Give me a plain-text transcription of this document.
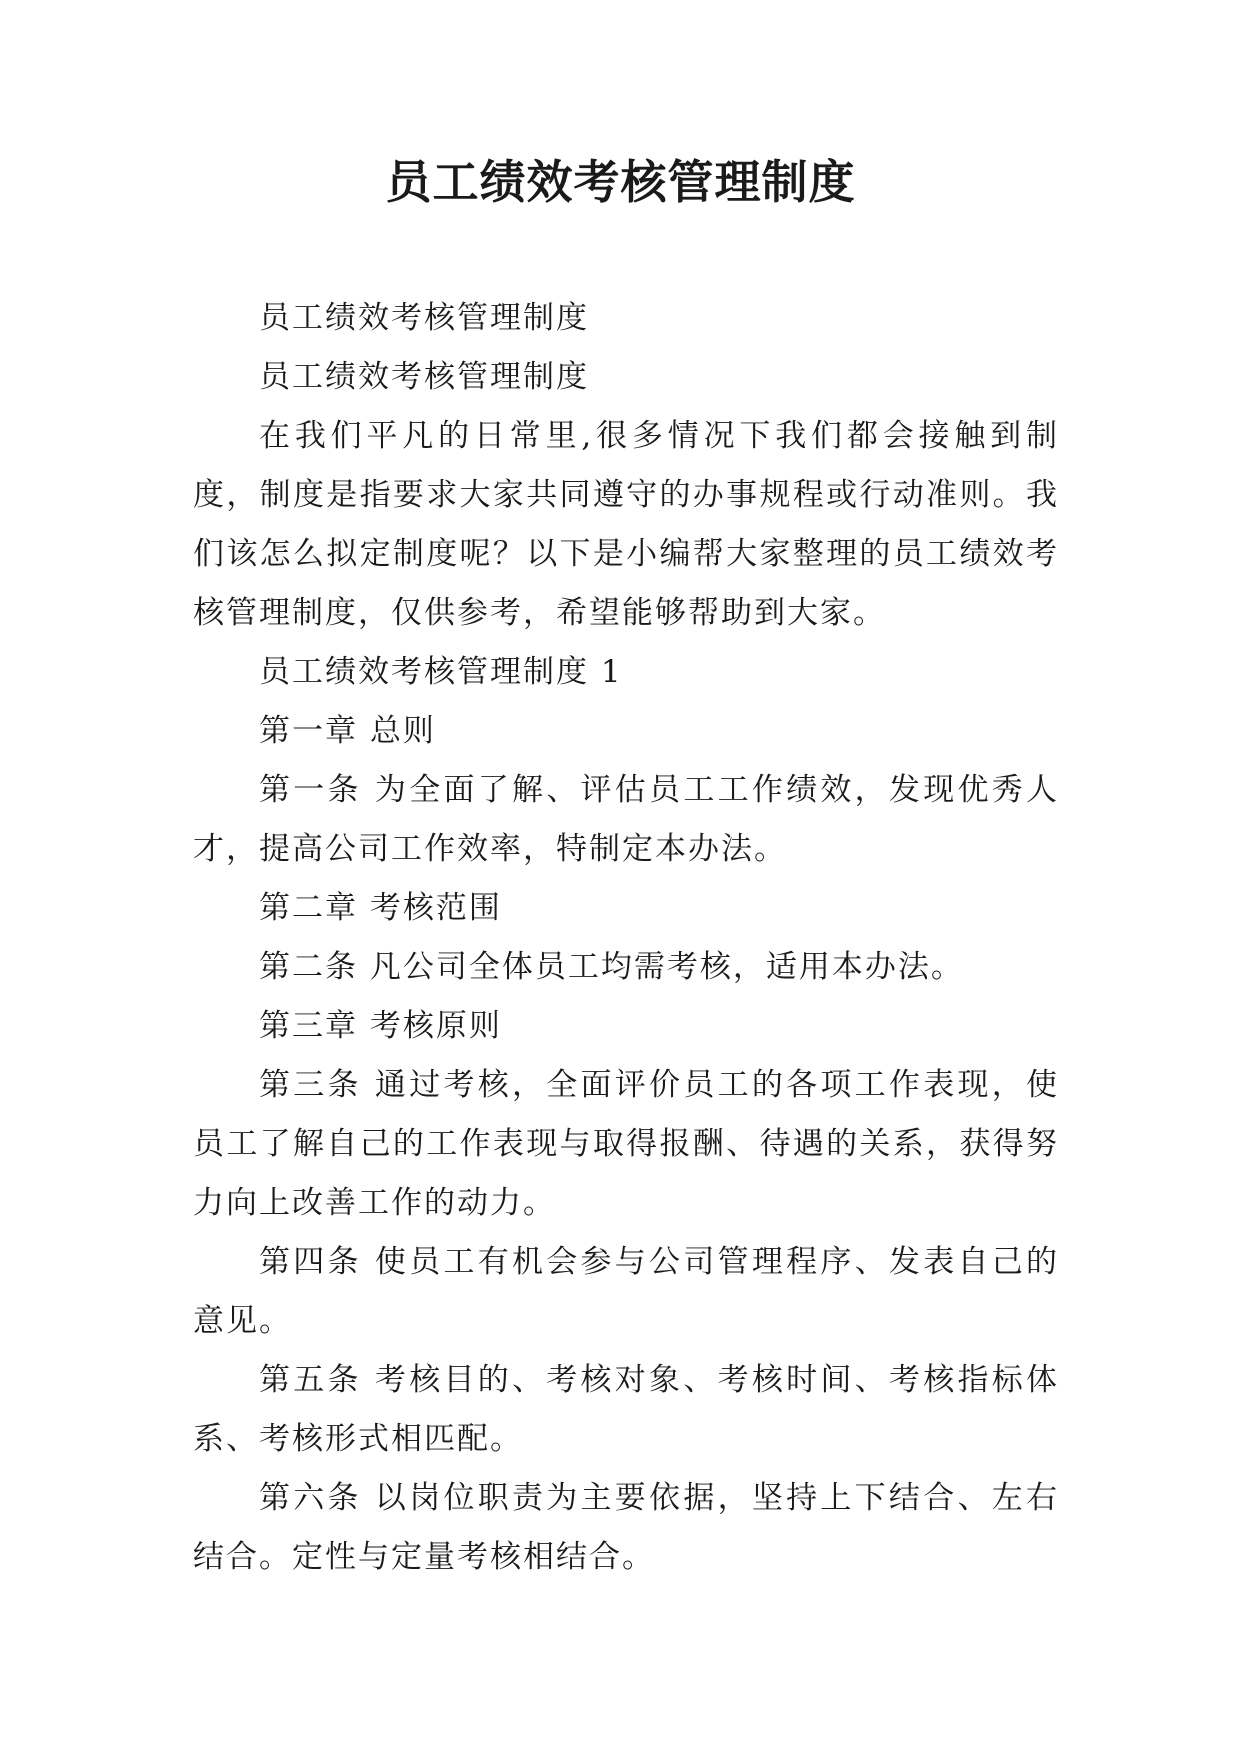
员工绩效考核管理制度

员工绩效考核管理制度

员工绩效考核管理制度

在我们平凡的日常里,很多情况下我们都会接触到制度，制度是指要求大家共同遵守的办事规程或行动准则。我们该怎么拟定制度呢？以下是小编帮大家整理的员工绩效考核管理制度，仅供参考，希望能够帮助到大家。

员工绩效考核管理制度 1

第一章 总则

第一条 为全面了解、评估员工工作绩效，发现优秀人才，提高公司工作效率，特制定本办法。

第二章 考核范围

第二条 凡公司全体员工均需考核，适用本办法。

第三章 考核原则

第三条 通过考核，全面评价员工的各项工作表现，使员工了解自己的工作表现与取得报酬、待遇的关系，获得努力向上改善工作的动力。

第四条 使员工有机会参与公司管理程序、发表自己的意见。

第五条 考核目的、考核对象、考核时间、考核指标体系、考核形式相匹配。

第六条 以岗位职责为主要依据，坚持上下结合、左右结合。定性与定量考核相结合。
